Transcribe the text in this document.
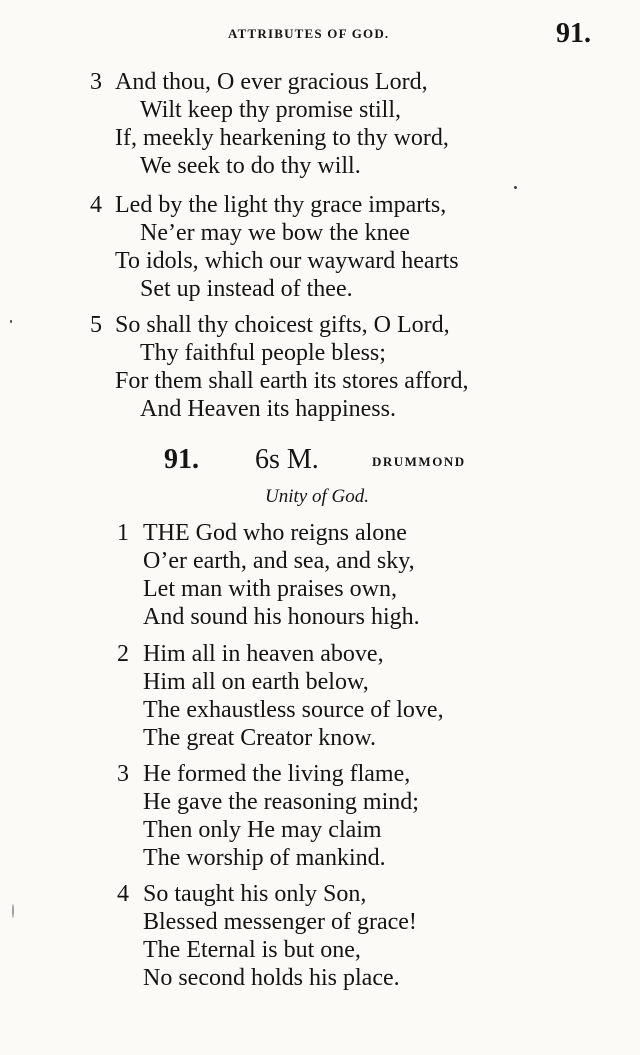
ATTRIBUTES OF GOD.	91.
3 And thou, O ever gracious Lord,
Wilt keep thy promise still,
If, meekly hearkening to thy word,
We seek to do thy will.
4 Led by the light thy grace imparts,
Ne’er may we bow the knee
To idols, which our wayward hearts
Set up instead of thee.
5 So shall thy choicest gifts, O Lord,
Thy faithful people bless;
For them shall earth its stores afford,
And Heaven its happiness.
91. 6s M.	DRUMMOND
Unity of God.
1 THE God who reigns alone
O’er earth, and sea, and sky,
Let man with praises own,
And sound his honours high.
2 Him all in heaven above,
Him all on earth below,
The exhaustless source of love,
The great Creator know.
3 He formed the living flame,
He gave the reasoning mind;
Then only He may claim
The worship of mankind.
4 So taught his only Son,
Blessed messenger of grace!
The Eternal is but one,
No second holds his place.
